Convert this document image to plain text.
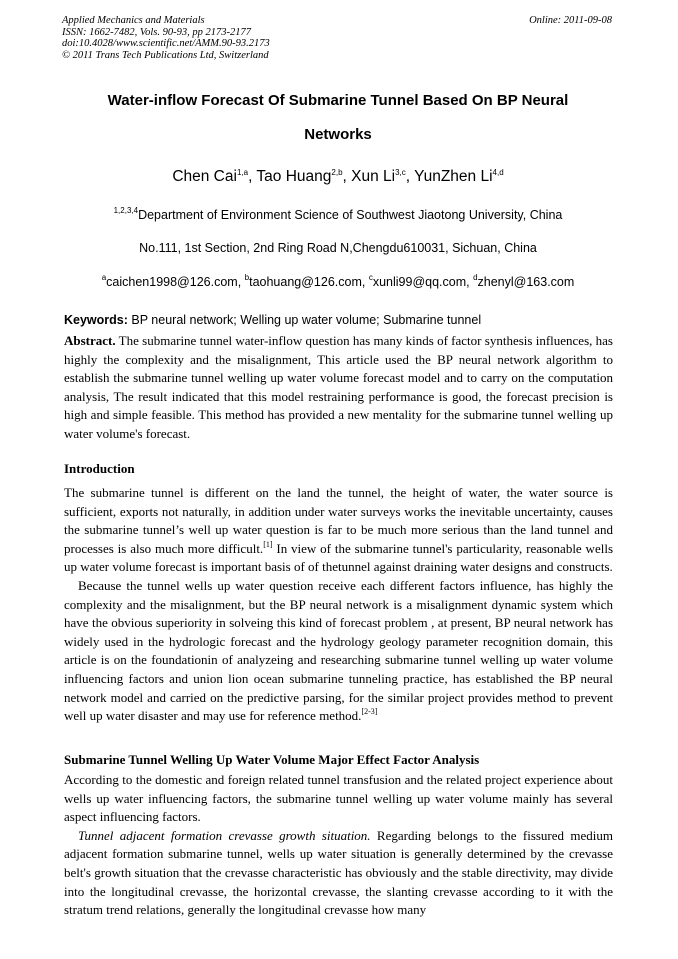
Applied Mechanics and Materials
ISSN: 1662-7482, Vols. 90-93, pp 2173-2177
doi:10.4028/www.scientific.net/AMM.90-93.2173
© 2011 Trans Tech Publications Ltd, Switzerland
Online: 2011-09-08
Water-inflow Forecast Of Submarine Tunnel Based On BP Neural
Networks
Chen Cai$^{1,a}$, Tao Huang$^{2,b}$, Xun Li$^{3,c}$, YunZhen Li$^{4,d}$
$^{1,2,3,4}$Department of Environment Science of Southwest Jiaotong University, China
No.111, 1st Section, 2nd Ring Road N,Chengdu610031, Sichuan, China
$^a$caichen1998@126.com, $^b$taohuang@126.com, $^c$xunli99@qq.com, $^d$zhenyl@163.com
Keywords: BP neural network; Welling up water volume; Submarine tunnel
Abstract. The submarine tunnel water-inflow question has many kinds of factor synthesis influences, has highly the complexity and the misalignment, This article used the BP neural network algorithm to establish the submarine tunnel welling up water volume forecast model and to carry on the computation analysis, The result indicated that this model restraining performance is good, the forecast precision is high and simple feasible. This method has provided a new mentality for the submarine tunnel welling up water volume's forecast.
Introduction
The submarine tunnel is different on the land the tunnel, the height of water, the water source is sufficient, exports not naturally, in addition under water surveys works the inevitable uncertainty, causes the submarine tunnel’s well up water question is far to be much more serious than the land tunnel and processes is also much more difficult.[1] In view of the submarine tunnel's particularity, reasonable wells up water volume forecast is important basis of of thetunnel against draining water designs and constructs.
Because the tunnel wells up water question receive each different factors influence, has highly the complexity and the misalignment, but the BP neural network is a misalignment dynamic system which have the obvious superiority in solveing this kind of forecast problem , at present, BP neural network has widely used in the hydrologic forecast and the hydrology geology parameter recognition domain, this article is on the foundationin of analyzeing and researching submarine tunnel welling up water volume influencing factors and union lion ocean submarine tunneling practice, has established the BP neural network model and carried on the predictive parsing, for the similar project provides method to prevent well up water disaster and may use for reference method.[2-3]
Submarine Tunnel Welling Up Water Volume Major Effect Factor Analysis
According to the domestic and foreign related tunnel transfusion and the related project experience about wells up water influencing factors, the submarine tunnel welling up water volume mainly has several aspect influencing factors.
Tunnel adjacent formation crevasse growth situation. Regarding belongs to the fissured medium adjacent formation submarine tunnel, wells up water situation is generally determined by the crevasse belt's growth situation that the crevasse characteristic has obviously and the stable directivity, may divide into the longitudinal crevasse, the horizontal crevasse, the slanting crevasse according to it with the stratum trend relations, generally the longitudinal crevasse how many
